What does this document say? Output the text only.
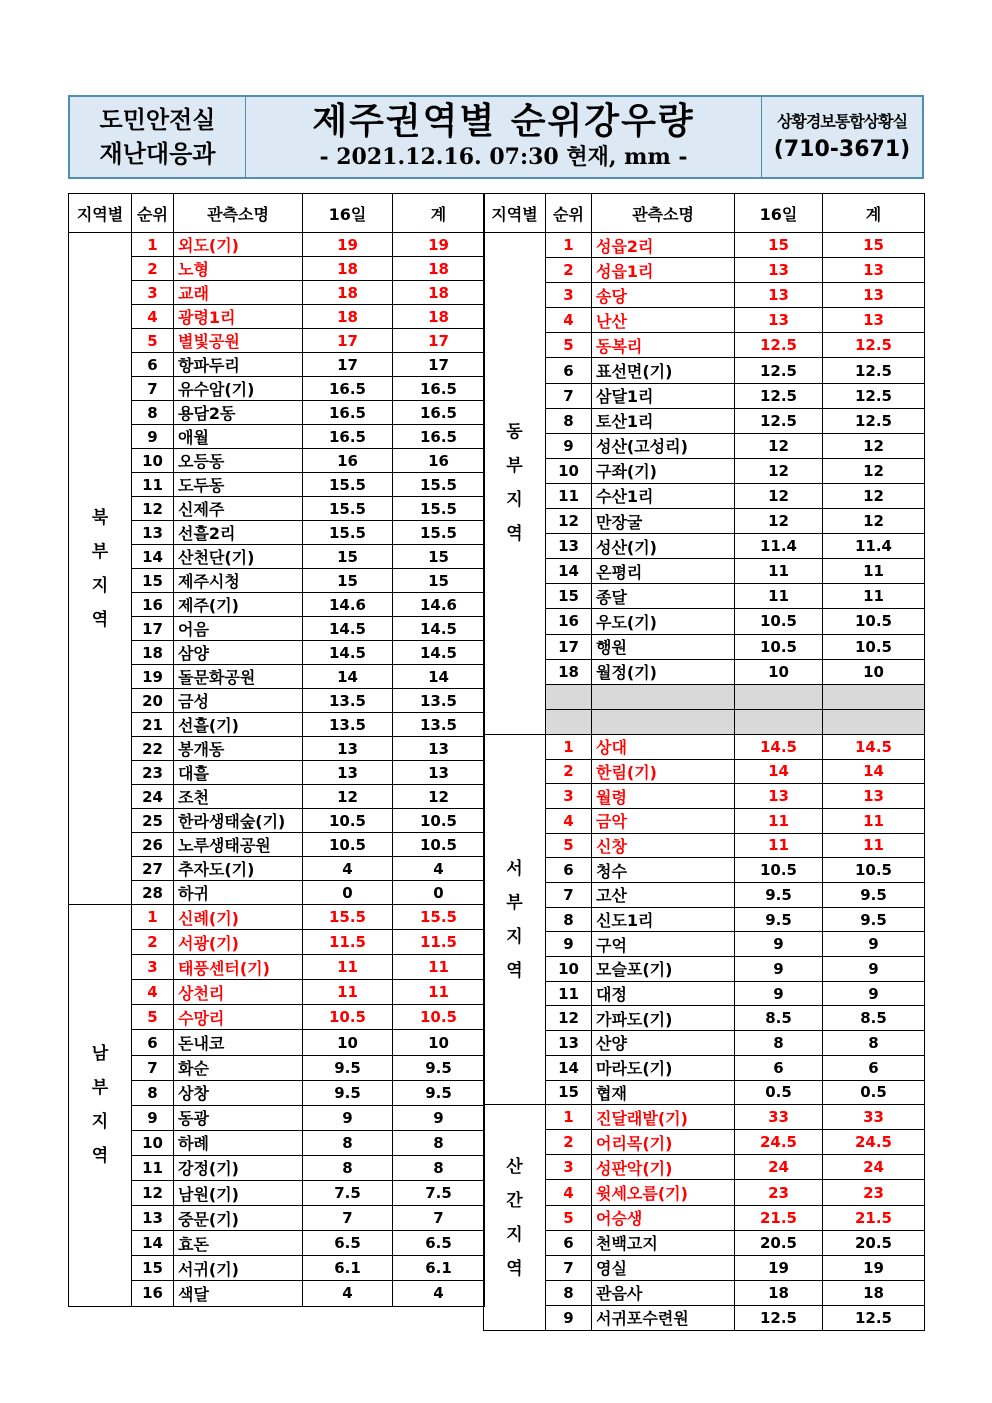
도민안전실
재난대응과
제주권역별 순위강우량
- 2021.12.16. 07:30 현재, mm -
상황경보통합상황실
(710-3671)
지역별	순위	관측소명	16일	계
북
부
지
역	1	외도(기)	19	19
	2	노형	18	18
	3	교래	18	18
	4	광령1리	18	18
	5	별빛공원	17	17
	6	항파두리	17	17
	7	유수암(기)	16.5	16.5
	8	용담2동	16.5	16.5
	9	애월	16.5	16.5
	10	오등동	16	16
	11	도두동	15.5	15.5
	12	신제주	15.5	15.5
	13	선흘2리	15.5	15.5
	14	산천단(기)	15	15
	15	제주시청	15	15
	16	제주(기)	14.6	14.6
	17	어음	14.5	14.5
	18	삼양	14.5	14.5
	19	돌문화공원	14	14
	20	금성	13.5	13.5
	21	선흘(기)	13.5	13.5
	22	봉개동	13	13
	23	대흘	13	13
	24	조천	12	12
	25	한라생태숲(기)	10.5	10.5
	26	노루생태공원	10.5	10.5
	27	추자도(기)	4	4
	28	하귀	0	0
남
부
지
역	1	신례(기)	15.5	15.5
	2	서광(기)	11.5	11.5
	3	태풍센터(기)	11	11
	4	상천리	11	11
	5	수망리	10.5	10.5
	6	돈내코	10	10
	7	화순	9.5	9.5
	8	상창	9.5	9.5
	9	동광	9	9
	10	하례	8	8
	11	강정(기)	8	8
	12	남원(기)	7.5	7.5
	13	중문(기)	7	7
	14	효돈	6.5	6.5
	15	서귀(기)	6.1	6.1
	16	색달	4	4
지역별	순위	관측소명	16일	계
동
부
지
역	1	성읍2리	15	15
	2	성읍1리	13	13
	3	송당	13	13
	4	난산	13	13
	5	동복리	12.5	12.5
	6	표선면(기)	12.5	12.5
	7	삼달1리	12.5	12.5
	8	토산1리	12.5	12.5
	9	성산(고성리)	12	12
	10	구좌(기)	12	12
	11	수산1리	12	12
	12	만장굴	12	12
	13	성산(기)	11.4	11.4
	14	온평리	11	11
	15	종달	11	11
	16	우도(기)	10.5	10.5
	17	행원	10.5	10.5
	18	월정(기)	10	10

서
부
지
역	1	상대	14.5	14.5
	2	한림(기)	14	14
	3	월령	13	13
	4	금악	11	11
	5	신창	11	11
	6	청수	10.5	10.5
	7	고산	9.5	9.5
	8	신도1리	9.5	9.5
	9	구억	9	9
	10	모슬포(기)	9	9
	11	대정	9	9
	12	가파도(기)	8.5	8.5
	13	산양	8	8
	14	마라도(기)	6	6
	15	협재	0.5	0.5
산
간
지
역	1	진달래밭(기)	33	33
	2	어리목(기)	24.5	24.5
	3	성판악(기)	24	24
	4	윗세오름(기)	23	23
	5	어승생	21.5	21.5
	6	천백고지	20.5	20.5
	7	영실	19	19
	8	관음사	18	18
	9	서귀포수련원	12.5	12.5
